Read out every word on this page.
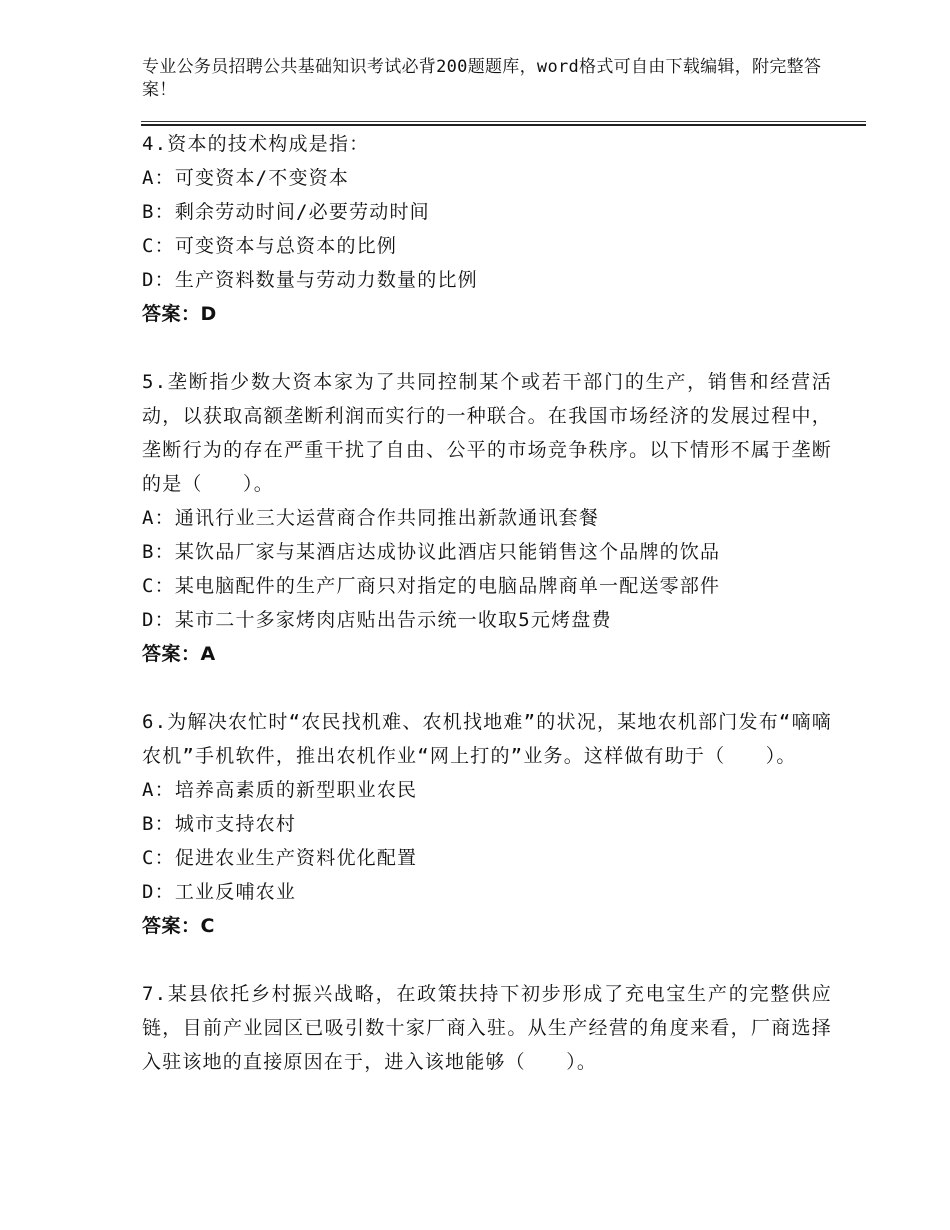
专业公务员招聘公共基础知识考试必背200题题库，word格式可自由下载编辑，附完整答案！
4.资本的技术构成是指：
A：可变资本/不变资本
B：剩余劳动时间/必要劳动时间
C：可变资本与总资本的比例
D：生产资料数量与劳动力数量的比例
答案：D
5.垄断指少数大资本家为了共同控制某个或若干部门的生产，销售和经营活动，以获取高额垄断利润而实行的一种联合。在我国市场经济的发展过程中，垄断行为的存在严重干扰了自由、公平的市场竞争秩序。以下情形不属于垄断的是（　　）。
A：通讯行业三大运营商合作共同推出新款通讯套餐
B：某饮品厂家与某酒店达成协议此酒店只能销售这个品牌的饮品
C：某电脑配件的生产厂商只对指定的电脑品牌商单一配送零部件
D：某市二十多家烤肉店贴出告示统一收取5元烤盘费
答案：A
6.为解决农忙时“农民找机难、农机找地难”的状况，某地农机部门发布“嘀嘀农机”手机软件，推出农机作业“网上打的”业务。这样做有助于（　　）。
A：培养高素质的新型职业农民
B：城市支持农村
C：促进农业生产资料优化配置
D：工业反哺农业
答案：C
7.某县依托乡村振兴战略，在政策扶持下初步形成了充电宝生产的完整供应链，目前产业园区已吸引数十家厂商入驻。从生产经营的角度来看，厂商选择入驻该地的直接原因在于，进入该地能够（　　）。
